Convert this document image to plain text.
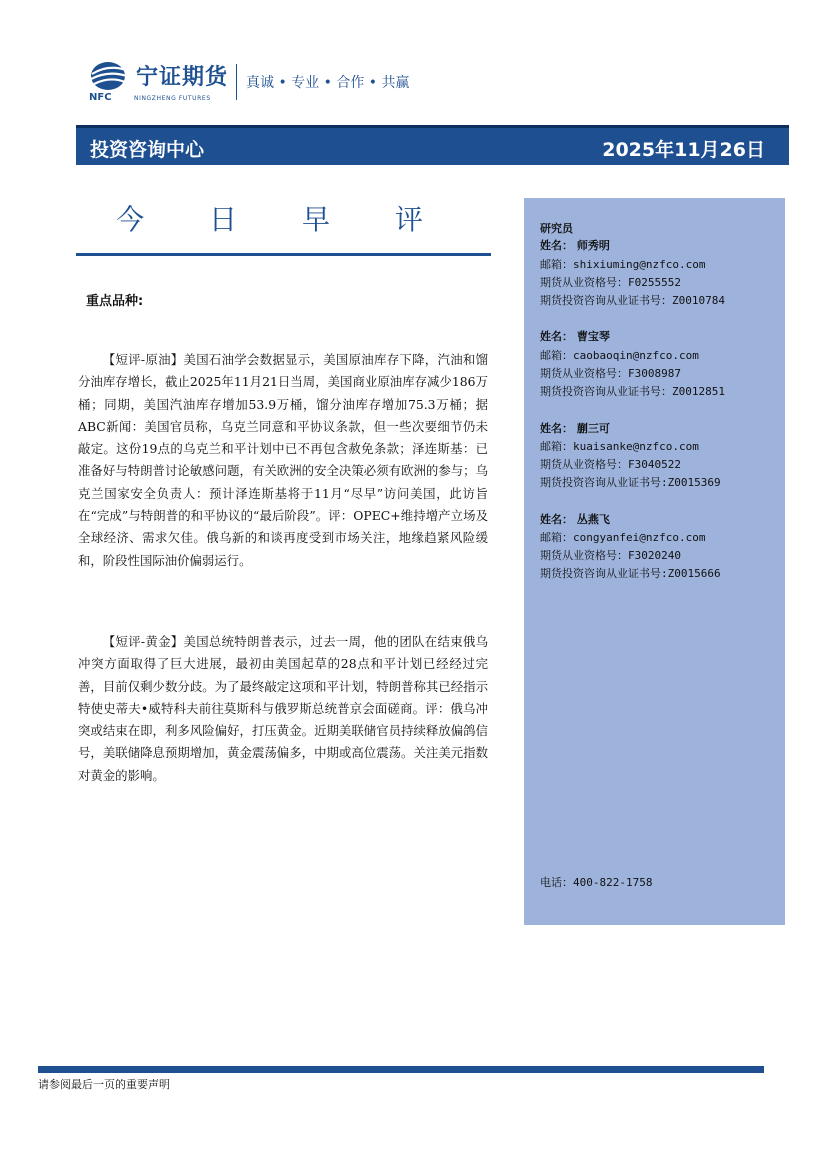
宁证期货
NFC	NINGZHENG FUTURES
真诚 • 专业 • 合作 • 共赢
投资咨询中心	2025年11月26日
今 日 早 评
重点品种:
【短评-原油】美国石油学会数据显示，美国原油库存下降，汽油和馏分油库存增长，截止2025年11月21日当周，美国商业原油库存减少186万桶；同期，美国汽油库存增加53.9万桶，馏分油库存增加75.3万桶；据ABC新闻：美国官员称，乌克兰同意和平协议条款，但一些次要细节仍未敲定。这份19点的乌克兰和平计划中已不再包含赦免条款；泽连斯基：已准备好与特朗普讨论敏感问题，有关欧洲的安全决策必须有欧洲的参与；乌克兰国家安全负责人：预计泽连斯基将于11月“尽早”访问美国，此访旨在“完成”与特朗普的和平协议的“最后阶段”。评：OPEC+维持增产立场及全球经济、需求欠佳。俄乌新的和谈再度受到市场关注，地缘趋紧风险缓和，阶段性国际油价偏弱运行。
【短评-黄金】美国总统特朗普表示，过去一周，他的团队在结束俄乌冲突方面取得了巨大进展，最初由美国起草的28点和平计划已经经过完善，目前仅剩少数分歧。为了最终敲定这项和平计划，特朗普称其已经指示特使史蒂夫•威特科夫前往莫斯科与俄罗斯总统普京会面磋商。评：俄乌冲突或结束在即，利多风险偏好，打压黄金。近期美联储官员持续释放偏鸽信号，美联储降息预期增加，黄金震荡偏多，中期或高位震荡。关注美元指数对黄金的影响。
研究员
姓名： 师秀明
邮箱：shixiuming@nzfco.com
期货从业资格号：F0255552
期货投资咨询从业证书号：Z0010784
姓名： 曹宝琴
邮箱：caobaoqin@nzfco.com
期货从业资格号：F3008987
期货投资咨询从业证书号：Z0012851
姓名： 蒯三可
邮箱：kuaisanke@nzfco.com
期货从业资格号：F3040522
期货投资咨询从业证书号:Z0015369
姓名： 丛燕飞
邮箱：congyanfei@nzfco.com
期货从业资格号：F3020240
期货投资咨询从业证书号:Z0015666
电话：400-822-1758
请参阅最后一页的重要声明
